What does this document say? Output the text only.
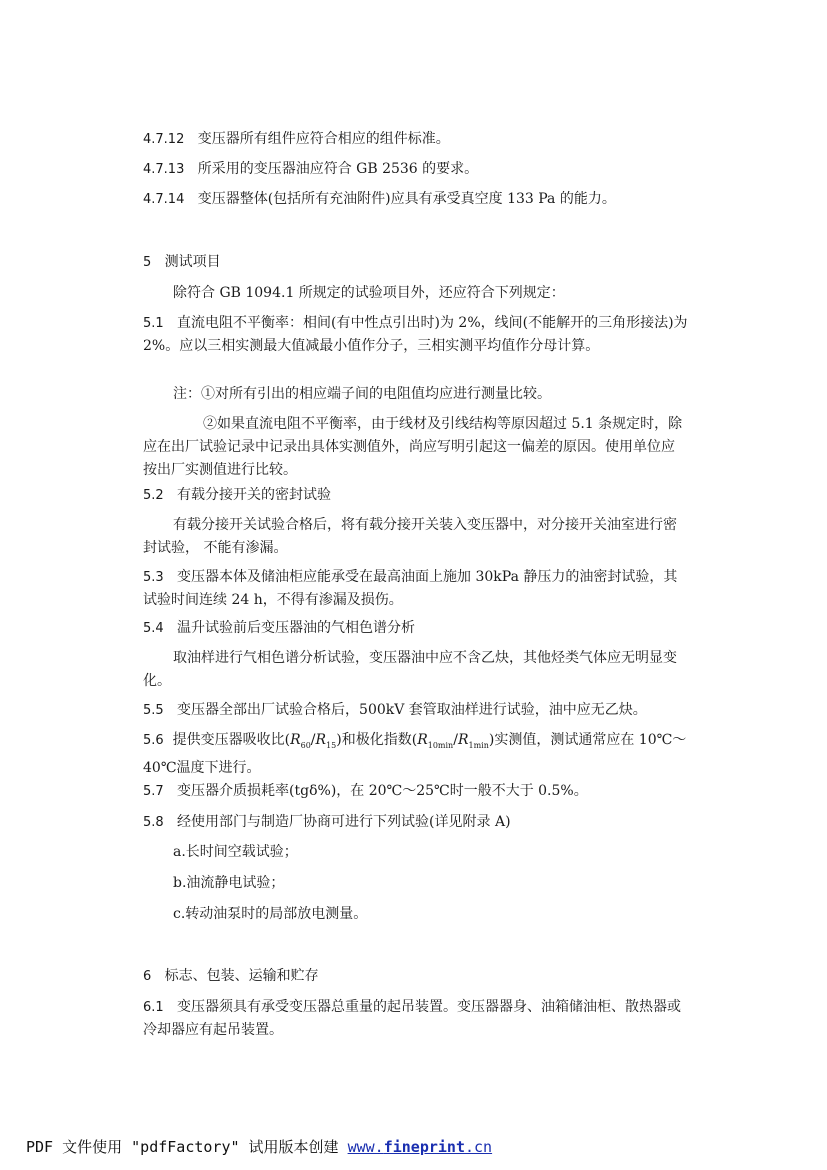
4.7.12 变压器所有组件应符合相应的组件标准。

4.7.13 所采用的变压器油应符合 GB 2536 的要求。

4.7.14 变压器整体(包括所有充油附件)应具有承受真空度 133 Pa 的能力。

5 测试项目

除符合 GB 1094.1 所规定的试验项目外，还应符合下列规定：

5.1 直流电阻不平衡率：相间(有中性点引出时)为 2%，线间(不能解开的三角形接法)为 2%。应以三相实测最大值减最小值作分子，三相实测平均值作分母计算。

注：①对所有引出的相应端子间的电阻值均应进行测量比较。

②如果直流电阻不平衡率，由于线材及引线结构等原因超过 5.1 条规定时，除应在出厂试验记录中记录出具体实测值外，尚应写明引起这一偏差的原因。使用单位应按出厂实测值进行比较。

5.2 有载分接开关的密封试验

有载分接开关试验合格后，将有载分接开关装入变压器中，对分接开关油室进行密封试验， 不能有渗漏。

5.3 变压器本体及储油柜应能承受在最高油面上施加 30kPa 静压力的油密封试验，其试验时间连续 24 h，不得有渗漏及损伤。

5.4 温升试验前后变压器油的气相色谱分析

取油样进行气相色谱分析试验，变压器油中应不含乙炔，其他烃类气体应无明显变化。

5.5 变压器全部出厂试验合格后，500kV 套管取油样进行试验，油中应无乙炔。

5.6 提供变压器吸收比$(R_{60}/R_{15})$和极化指数$(R_{10min}/R_{1min})$实测值，测试通常应在 10℃～40℃温度下进行。

5.7 变压器介质损耗率(tgδ%)，在 20℃～25℃时一般不大于 0.5%。

5.8 经使用部门与制造厂协商可进行下列试验(详见附录 A)

a.长时间空载试验；

b.油流静电试验；

c.转动油泵时的局部放电测量。

6 标志、包装、运输和贮存

6.1 变压器须具有承受变压器总重量的起吊装置。变压器器身、油箱储油柜、散热器或冷却器应有起吊装置。

PDF 文件使用 "pdfFactory" 试用版本创建 www.fineprint.cn
